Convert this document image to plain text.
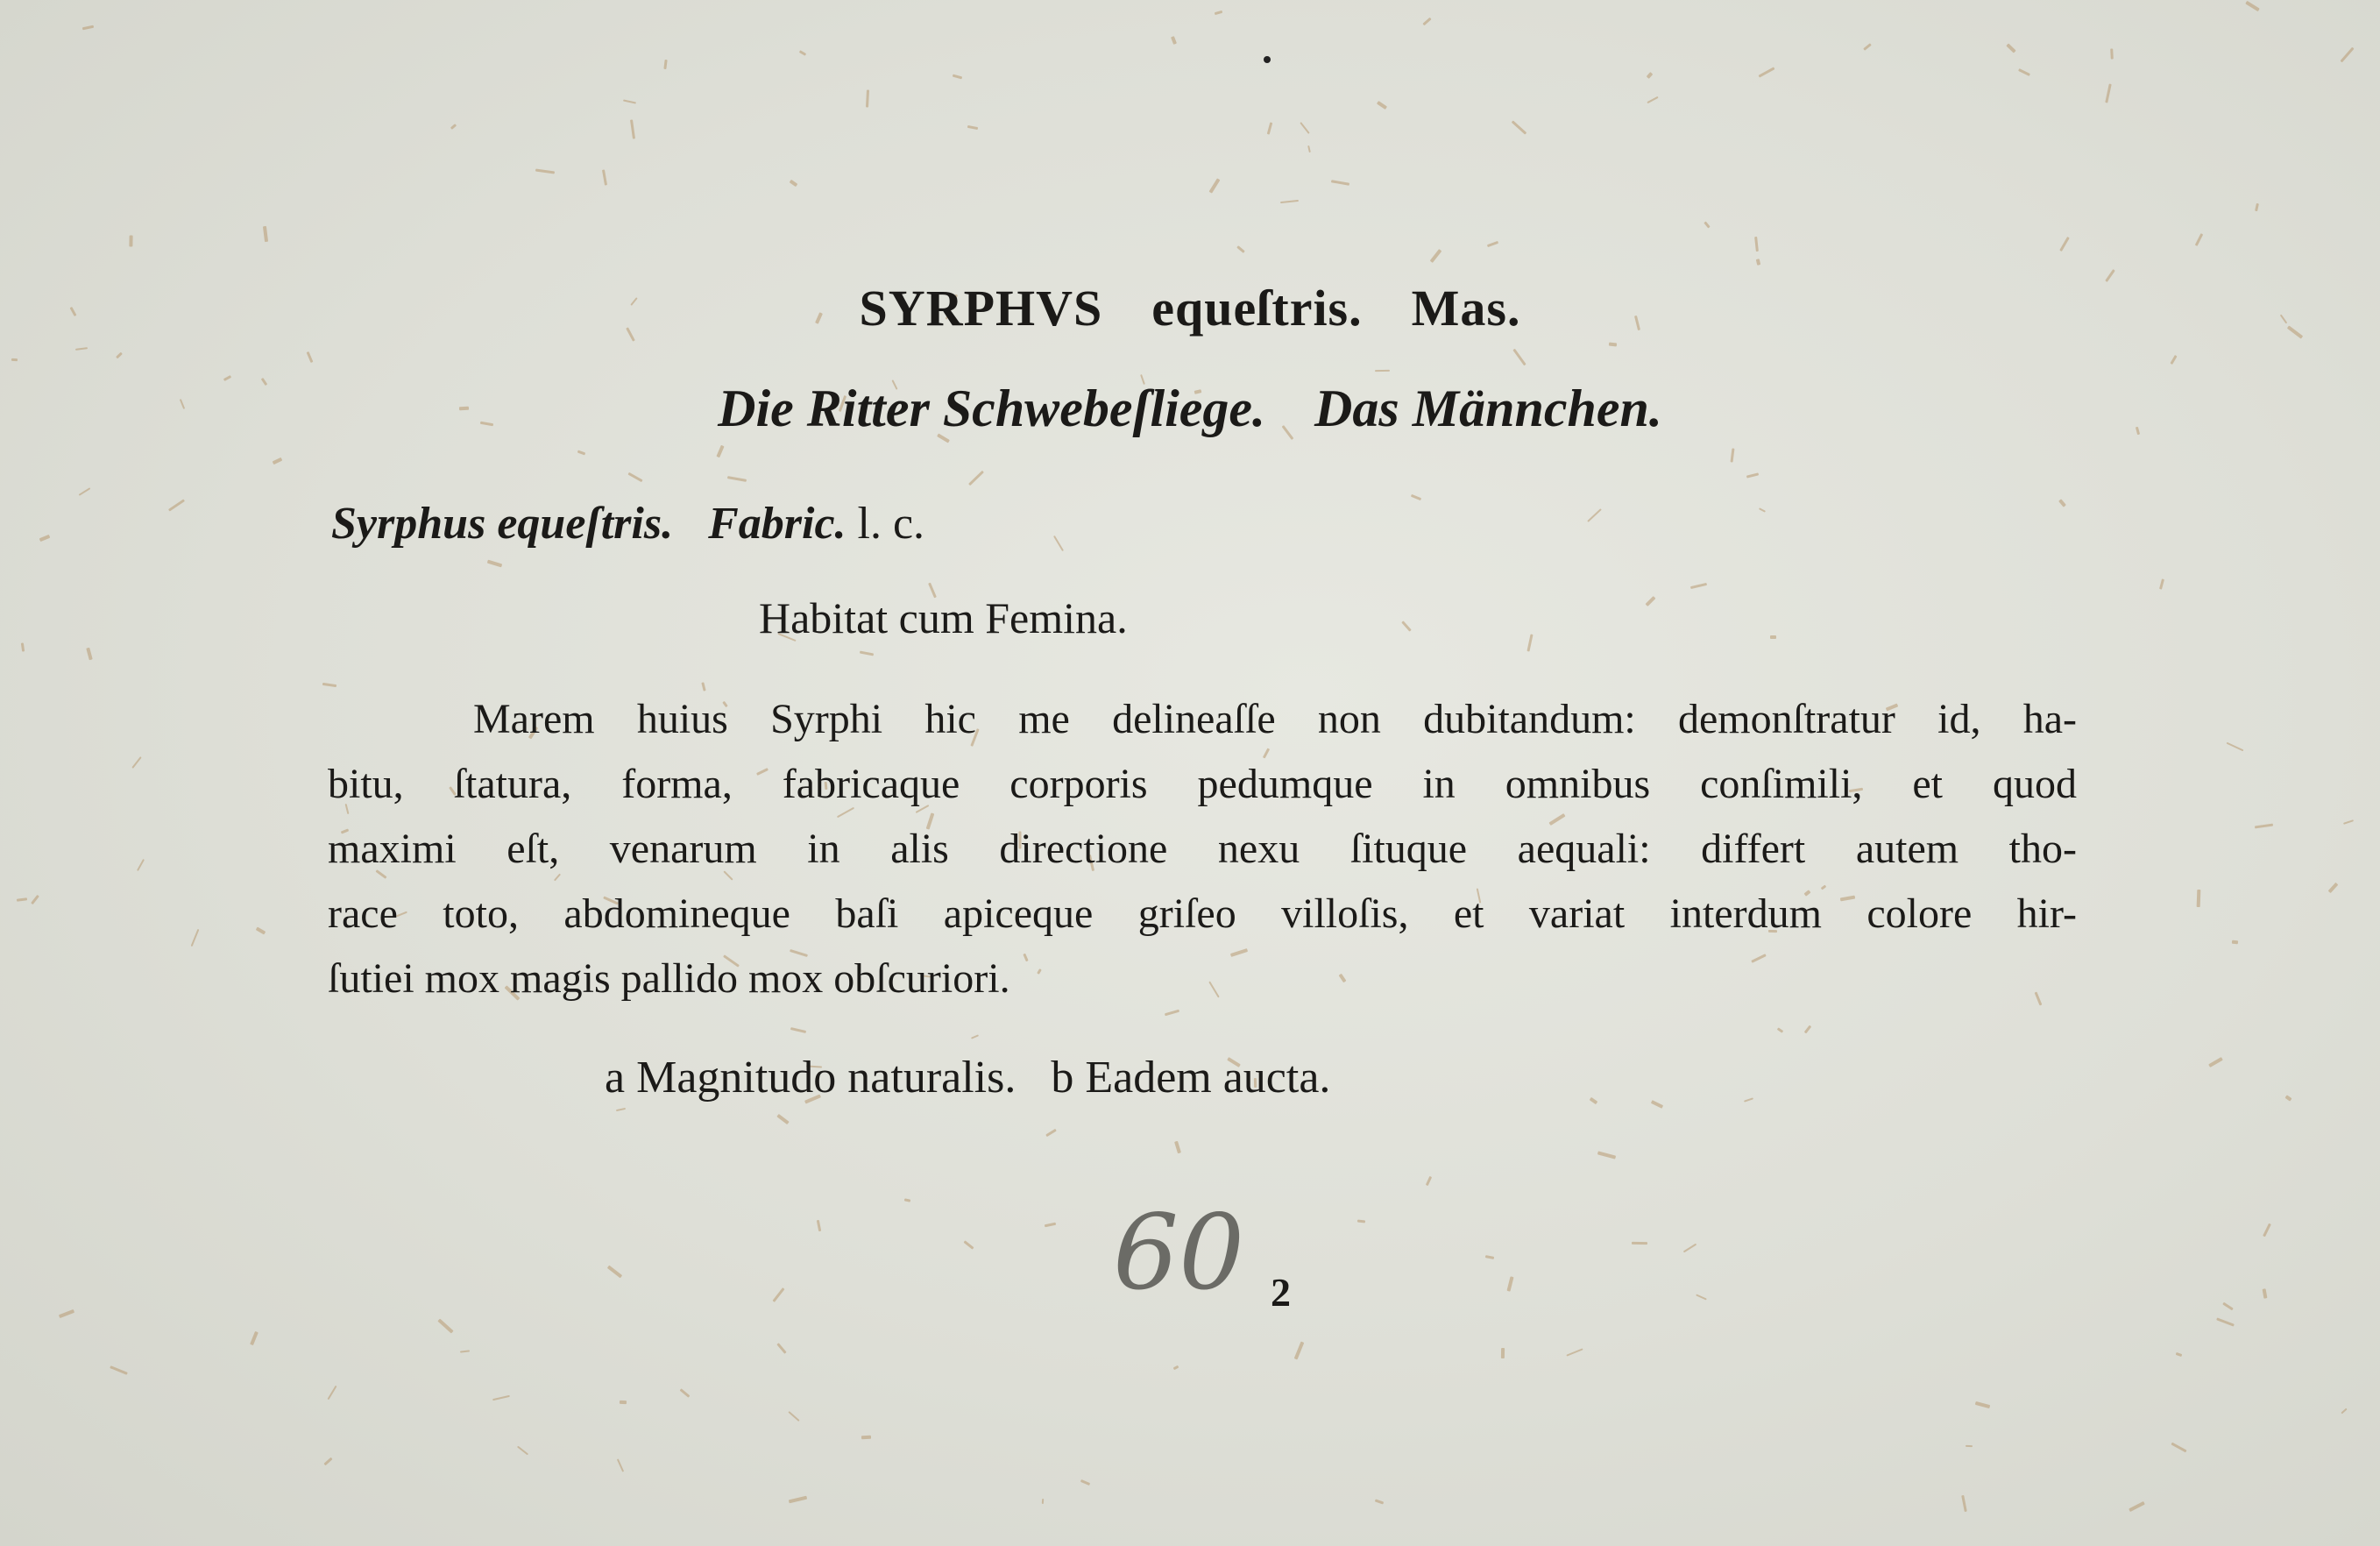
SYRPHVS equeſtris. Mas.
Die Ritter Schwebeſliege. Das Männchen.

Syrphus equeſtris. Fabric. l. c.

Habitat cum Femina.

Marem huius Syrphi hic me delineaſſe non dubitandum: demonſtratur id, ha-

bitu, ſtatura, forma, fabricaque corporis pedumque in omnibus conſimili, et quod

maximi eſt, venarum in alis directione nexu ſituque aequali: differt autem tho-

race toto, abdomineque baſi apiceque griſeo villoſis, et variat interdum colore hir-

ſutiei mox magis pallido mox obſcuriori.

a Magnitudo naturalis. b Eadem aucta.

60 2
